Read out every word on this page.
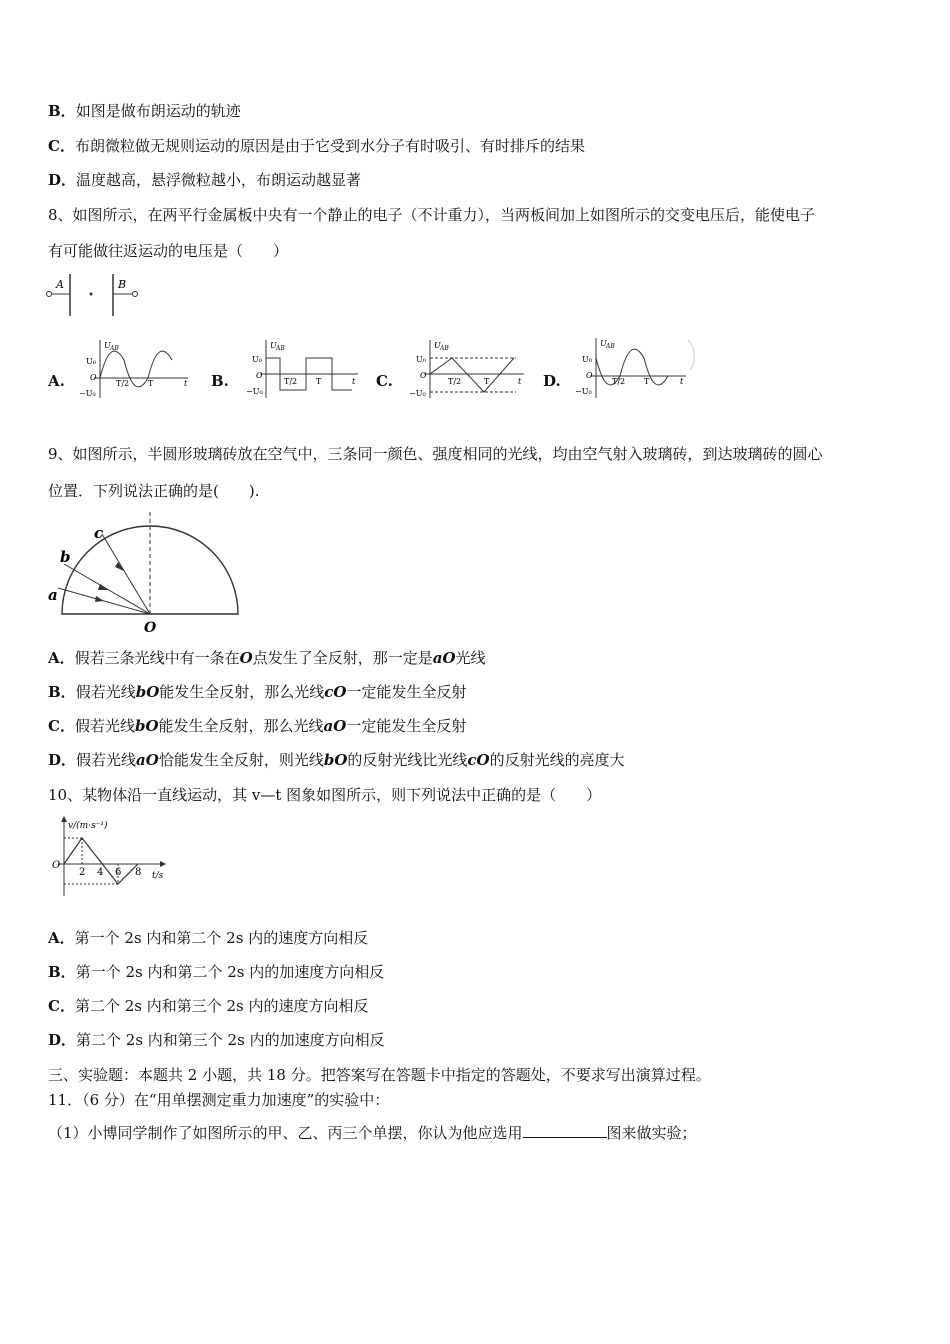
B．如图是做布朗运动的轨迹
C．布朗微粒做无规则运动的原因是由于它受到水分子有时吸引、有时排斥的结果
D．温度越高，悬浮微粒越小，布朗运动越显著
8、如图所示，在两平行金属板中央有一个静止的电子（不计重力），当两板间加上如图所示的交变电压后，能使电子
有可能做往返运动的电压是（　　）
A	B
A.
U AB
U₀
−U₀
O
T/2 T	t B.
U AB
U₀
−U₀
O
T/2 T	t C.
U AB
U₀
−U₀
O
T/2	T	t D.
U AB
U₀
−U₀
O
T/2 T	t
9、如图所示，半圆形玻璃砖放在空气中，三条同一颜色、强度相同的光线，均由空气射入玻璃砖，到达玻璃砖的圆心
位置．下列说法正确的是(　　).
a
b
c
O
A．假若三条光线中有一条在O点发生了全反射，那一定是aO光线
B．假若光线bO能发生全反射，那么光线cO一定能发生全反射
C．假若光线bO能发生全反射，那么光线aO一定能发生全反射
D．假若光线aO恰能发生全反射，则光线bO的反射光线比光线cO的反射光线的亮度大
10、某物体沿一直线运动，其 v—t 图象如图所示，则下列说法中正确的是（　　）
v/(m·s⁻¹)
O
2 4 6 8 t/s
A．第一个 2s 内和第二个 2s 内的速度方向相反
B．第一个 2s 内和第二个 2s 内的加速度方向相反
C．第二个 2s 内和第三个 2s 内的速度方向相反
D．第二个 2s 内和第三个 2s 内的加速度方向相反
三、实验题：本题共 2 小题，共 18 分。把答案写在答题卡中指定的答题处，不要求写出演算过程。
11．（6 分）在“用单摆测定重力加速度”的实验中：
（1）小博同学制作了如图所示的甲、乙、丙三个单摆，你认为他应选用	图来做实验；
